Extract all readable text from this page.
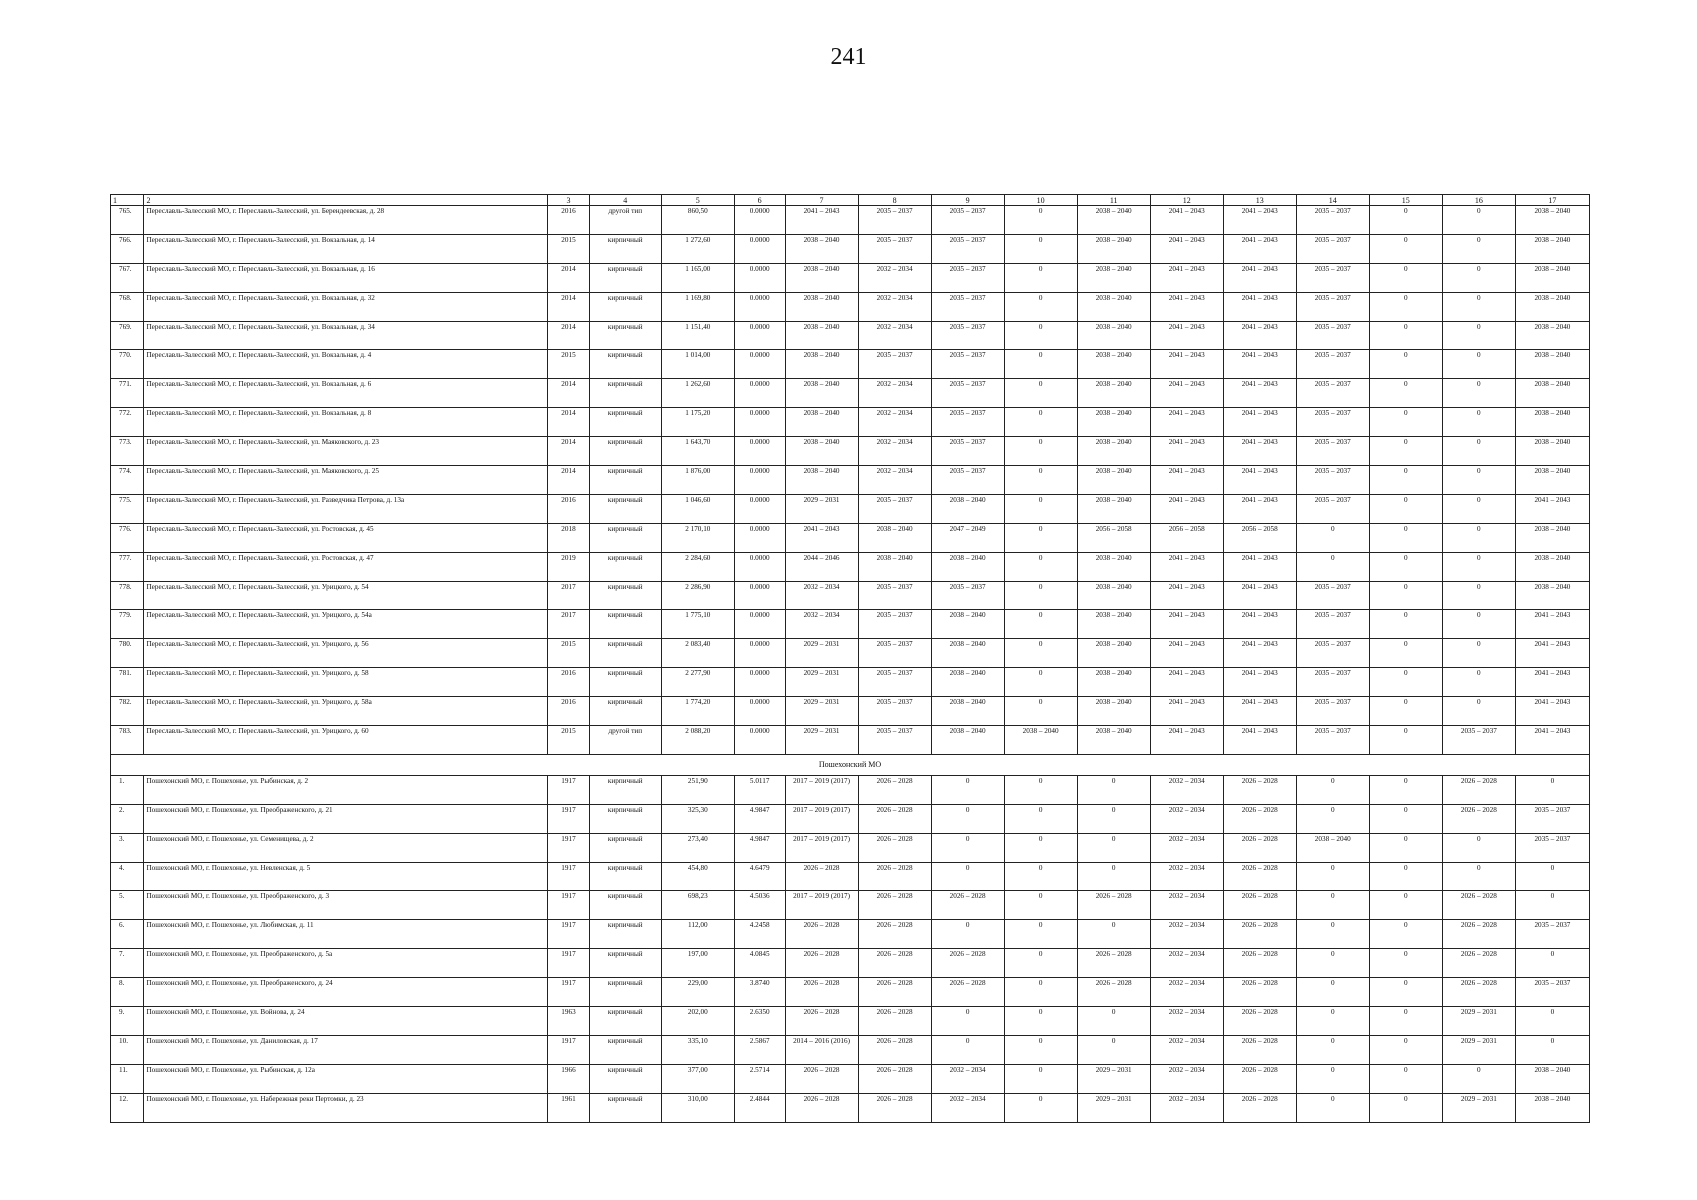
241
1	2	3	4	5	6	7	8	9	10	11	12	13	14	15	16	17
765.	Переславль-Залесский МО, г. Переславль-Залесский, ул. Берендеевская, д. 28	2016	другой тип	860,50	0.0000	2041 – 2043	2035 – 2037	2035 – 2037	0	2038 – 2040	2041 – 2043	2041 – 2043	2035 – 2037	0	0	2038 – 2040
766.	Переславль-Залесский МО, г. Переславль-Залесский, ул. Вокзальная, д. 14	2015	кирпичный	1 272,60	0.0000	2038 – 2040	2035 – 2037	2035 – 2037	0	2038 – 2040	2041 – 2043	2041 – 2043	2035 – 2037	0	0	2038 – 2040
767.	Переславль-Залесский МО, г. Переславль-Залесский, ул. Вокзальная, д. 16	2014	кирпичный	1 165,00	0.0000	2038 – 2040	2032 – 2034	2035 – 2037	0	2038 – 2040	2041 – 2043	2041 – 2043	2035 – 2037	0	0	2038 – 2040
768.	Переславль-Залесский МО, г. Переславль-Залесский, ул. Вокзальная, д. 32	2014	кирпичный	1 169,80	0.0000	2038 – 2040	2032 – 2034	2035 – 2037	0	2038 – 2040	2041 – 2043	2041 – 2043	2035 – 2037	0	0	2038 – 2040
769.	Переславль-Залесский МО, г. Переславль-Залесский, ул. Вокзальная, д. 34	2014	кирпичный	1 151,40	0.0000	2038 – 2040	2032 – 2034	2035 – 2037	0	2038 – 2040	2041 – 2043	2041 – 2043	2035 – 2037	0	0	2038 – 2040
770.	Переславль-Залесский МО, г. Переславль-Залесский, ул. Вокзальная, д. 4	2015	кирпичный	1 014,00	0.0000	2038 – 2040	2035 – 2037	2035 – 2037	0	2038 – 2040	2041 – 2043	2041 – 2043	2035 – 2037	0	0	2038 – 2040
771.	Переславль-Залесский МО, г. Переславль-Залесский, ул. Вокзальная, д. 6	2014	кирпичный	1 262,60	0.0000	2038 – 2040	2032 – 2034	2035 – 2037	0	2038 – 2040	2041 – 2043	2041 – 2043	2035 – 2037	0	0	2038 – 2040
772.	Переславль-Залесский МО, г. Переславль-Залесский, ул. Вокзальная, д. 8	2014	кирпичный	1 175,20	0.0000	2038 – 2040	2032 – 2034	2035 – 2037	0	2038 – 2040	2041 – 2043	2041 – 2043	2035 – 2037	0	0	2038 – 2040
773.	Переславль-Залесский МО, г. Переславль-Залесский, ул. Маяковского, д. 23	2014	кирпичный	1 643,70	0.0000	2038 – 2040	2032 – 2034	2035 – 2037	0	2038 – 2040	2041 – 2043	2041 – 2043	2035 – 2037	0	0	2038 – 2040
774.	Переславль-Залесский МО, г. Переславль-Залесский, ул. Маяковского, д. 25	2014	кирпичный	1 876,00	0.0000	2038 – 2040	2032 – 2034	2035 – 2037	0	2038 – 2040	2041 – 2043	2041 – 2043	2035 – 2037	0	0	2038 – 2040
775.	Переславль-Залесский МО, г. Переславль-Залесский, ул. Разведчика Петрова, д. 13а	2016	кирпичный	1 046,60	0.0000	2029 – 2031	2035 – 2037	2038 – 2040	0	2038 – 2040	2041 – 2043	2041 – 2043	2035 – 2037	0	0	2041 – 2043
776.	Переславль-Залесский МО, г. Переславль-Залесский, ул. Ростовская, д. 45	2018	кирпичный	2 170,10	0.0000	2041 – 2043	2038 – 2040	2047 – 2049	0	2056 – 2058	2056 – 2058	2056 – 2058	0	0	0	2038 – 2040
777.	Переславль-Залесский МО, г. Переславль-Залесский, ул. Ростовская, д. 47	2019	кирпичный	2 284,60	0.0000	2044 – 2046	2038 – 2040	2038 – 2040	0	2038 – 2040	2041 – 2043	2041 – 2043	0	0	0	2038 – 2040
778.	Переславль-Залесский МО, г. Переславль-Залесский, ул. Урицкого, д. 54	2017	кирпичный	2 286,90	0.0000	2032 – 2034	2035 – 2037	2035 – 2037	0	2038 – 2040	2041 – 2043	2041 – 2043	2035 – 2037	0	0	2038 – 2040
779.	Переславль-Залесский МО, г. Переславль-Залесский, ул. Урицкого, д. 54а	2017	кирпичный	1 775,10	0.0000	2032 – 2034	2035 – 2037	2038 – 2040	0	2038 – 2040	2041 – 2043	2041 – 2043	2035 – 2037	0	0	2041 – 2043
780.	Переславль-Залесский МО, г. Переславль-Залесский, ул. Урицкого, д. 56	2015	кирпичный	2 083,40	0.0000	2029 – 2031	2035 – 2037	2038 – 2040	0	2038 – 2040	2041 – 2043	2041 – 2043	2035 – 2037	0	0	2041 – 2043
781.	Переславль-Залесский МО, г. Переславль-Залесский, ул. Урицкого, д. 58	2016	кирпичный	2 277,90	0.0000	2029 – 2031	2035 – 2037	2038 – 2040	0	2038 – 2040	2041 – 2043	2041 – 2043	2035 – 2037	0	0	2041 – 2043
782.	Переславль-Залесский МО, г. Переславль-Залесский, ул. Урицкого, д. 58а	2016	кирпичный	1 774,20	0.0000	2029 – 2031	2035 – 2037	2038 – 2040	0	2038 – 2040	2041 – 2043	2041 – 2043	2035 – 2037	0	0	2041 – 2043
783.	Переславль-Залесский МО, г. Переславль-Залесский, ул. Урицкого, д. 60	2015	другой тип	2 088,20	0.0000	2029 – 2031	2035 – 2037	2038 – 2040	2038 – 2040	2038 – 2040	2041 – 2043	2041 – 2043	2035 – 2037	0	2035 – 2037	2041 – 2043
Пошехонский МО																
1.	Пошехонский МО, г. Пошехонье, ул. Рыбинская, д. 2	1917	кирпичный	251,90	5.0117	2017 – 2019 (2017)	2026 – 2028	0	0	0	2032 – 2034	2026 – 2028	0	0	2026 – 2028	0
2.	Пошехонский МО, г. Пошехонье, ул. Преображенского, д. 21	1917	кирпичный	325,30	4.9847	2017 – 2019 (2017)	2026 – 2028	0	0	0	2032 – 2034	2026 – 2028	0	0	2026 – 2028	2035 – 2037
3.	Пошехонский МО, г. Пошехонье, ул. Семенищева, д. 2	1917	кирпичный	273,40	4.9847	2017 – 2019 (2017)	2026 – 2028	0	0	0	2032 – 2034	2026 – 2028	2038 – 2040	0	0	2035 – 2037
4.	Пошехонский МО, г. Пошехонье, ул. Невленская, д. 5	1917	кирпичный	454,80	4.6479	2026 – 2028	2026 – 2028	0	0	0	2032 – 2034	2026 – 2028	0	0	0	0
5.	Пошехонский МО, г. Пошехонье, ул. Преображенского, д. 3	1917	кирпичный	698,23	4.5036	2017 – 2019 (2017)	2026 – 2028	2026 – 2028	0	2026 – 2028	2032 – 2034	2026 – 2028	0	0	2026 – 2028	0
6.	Пошехонский МО, г. Пошехонье, ул. Любимская, д. 11	1917	кирпичный	112,00	4.2458	2026 – 2028	2026 – 2028	0	0	0	2032 – 2034	2026 – 2028	0	0	2026 – 2028	2035 – 2037
7.	Пошехонский МО, г. Пошехонье, ул. Преображенского, д. 5а	1917	кирпичный	197,00	4.0845	2026 – 2028	2026 – 2028	2026 – 2028	0	2026 – 2028	2032 – 2034	2026 – 2028	0	0	2026 – 2028	0
8.	Пошехонский МО, г. Пошехонье, ул. Преображенского, д. 24	1917	кирпичный	229,00	3.8740	2026 – 2028	2026 – 2028	2026 – 2028	0	2026 – 2028	2032 – 2034	2026 – 2028	0	0	2026 – 2028	2035 – 2037
9.	Пошехонский МО, г. Пошехонье, ул. Войнова, д. 24	1963	кирпичный	202,00	2.6350	2026 – 2028	2026 – 2028	0	0	0	2032 – 2034	2026 – 2028	0	0	2029 – 2031	0
10.	Пошехонский МО, г. Пошехонье, ул. Даниловская, д. 17	1917	кирпичный	335,10	2.5867	2014 – 2016 (2016)	2026 – 2028	0	0	0	2032 – 2034	2026 – 2028	0	0	2029 – 2031	0
11.	Пошехонский МО, г. Пошехонье, ул. Рыбинская, д. 12а	1966	кирпичный	377,00	2.5714	2026 – 2028	2026 – 2028	2032 – 2034	0	2029 – 2031	2032 – 2034	2026 – 2028	0	0	0	2038 – 2040
12.	Пошехонский МО, г. Пошехонье, ул. Набережная реки Пертомки, д. 23	1961	кирпичный	310,00	2.4844	2026 – 2028	2026 – 2028	2032 – 2034	0	2029 – 2031	2032 – 2034	2026 – 2028	0	0	2029 – 2031	2038 – 2040
